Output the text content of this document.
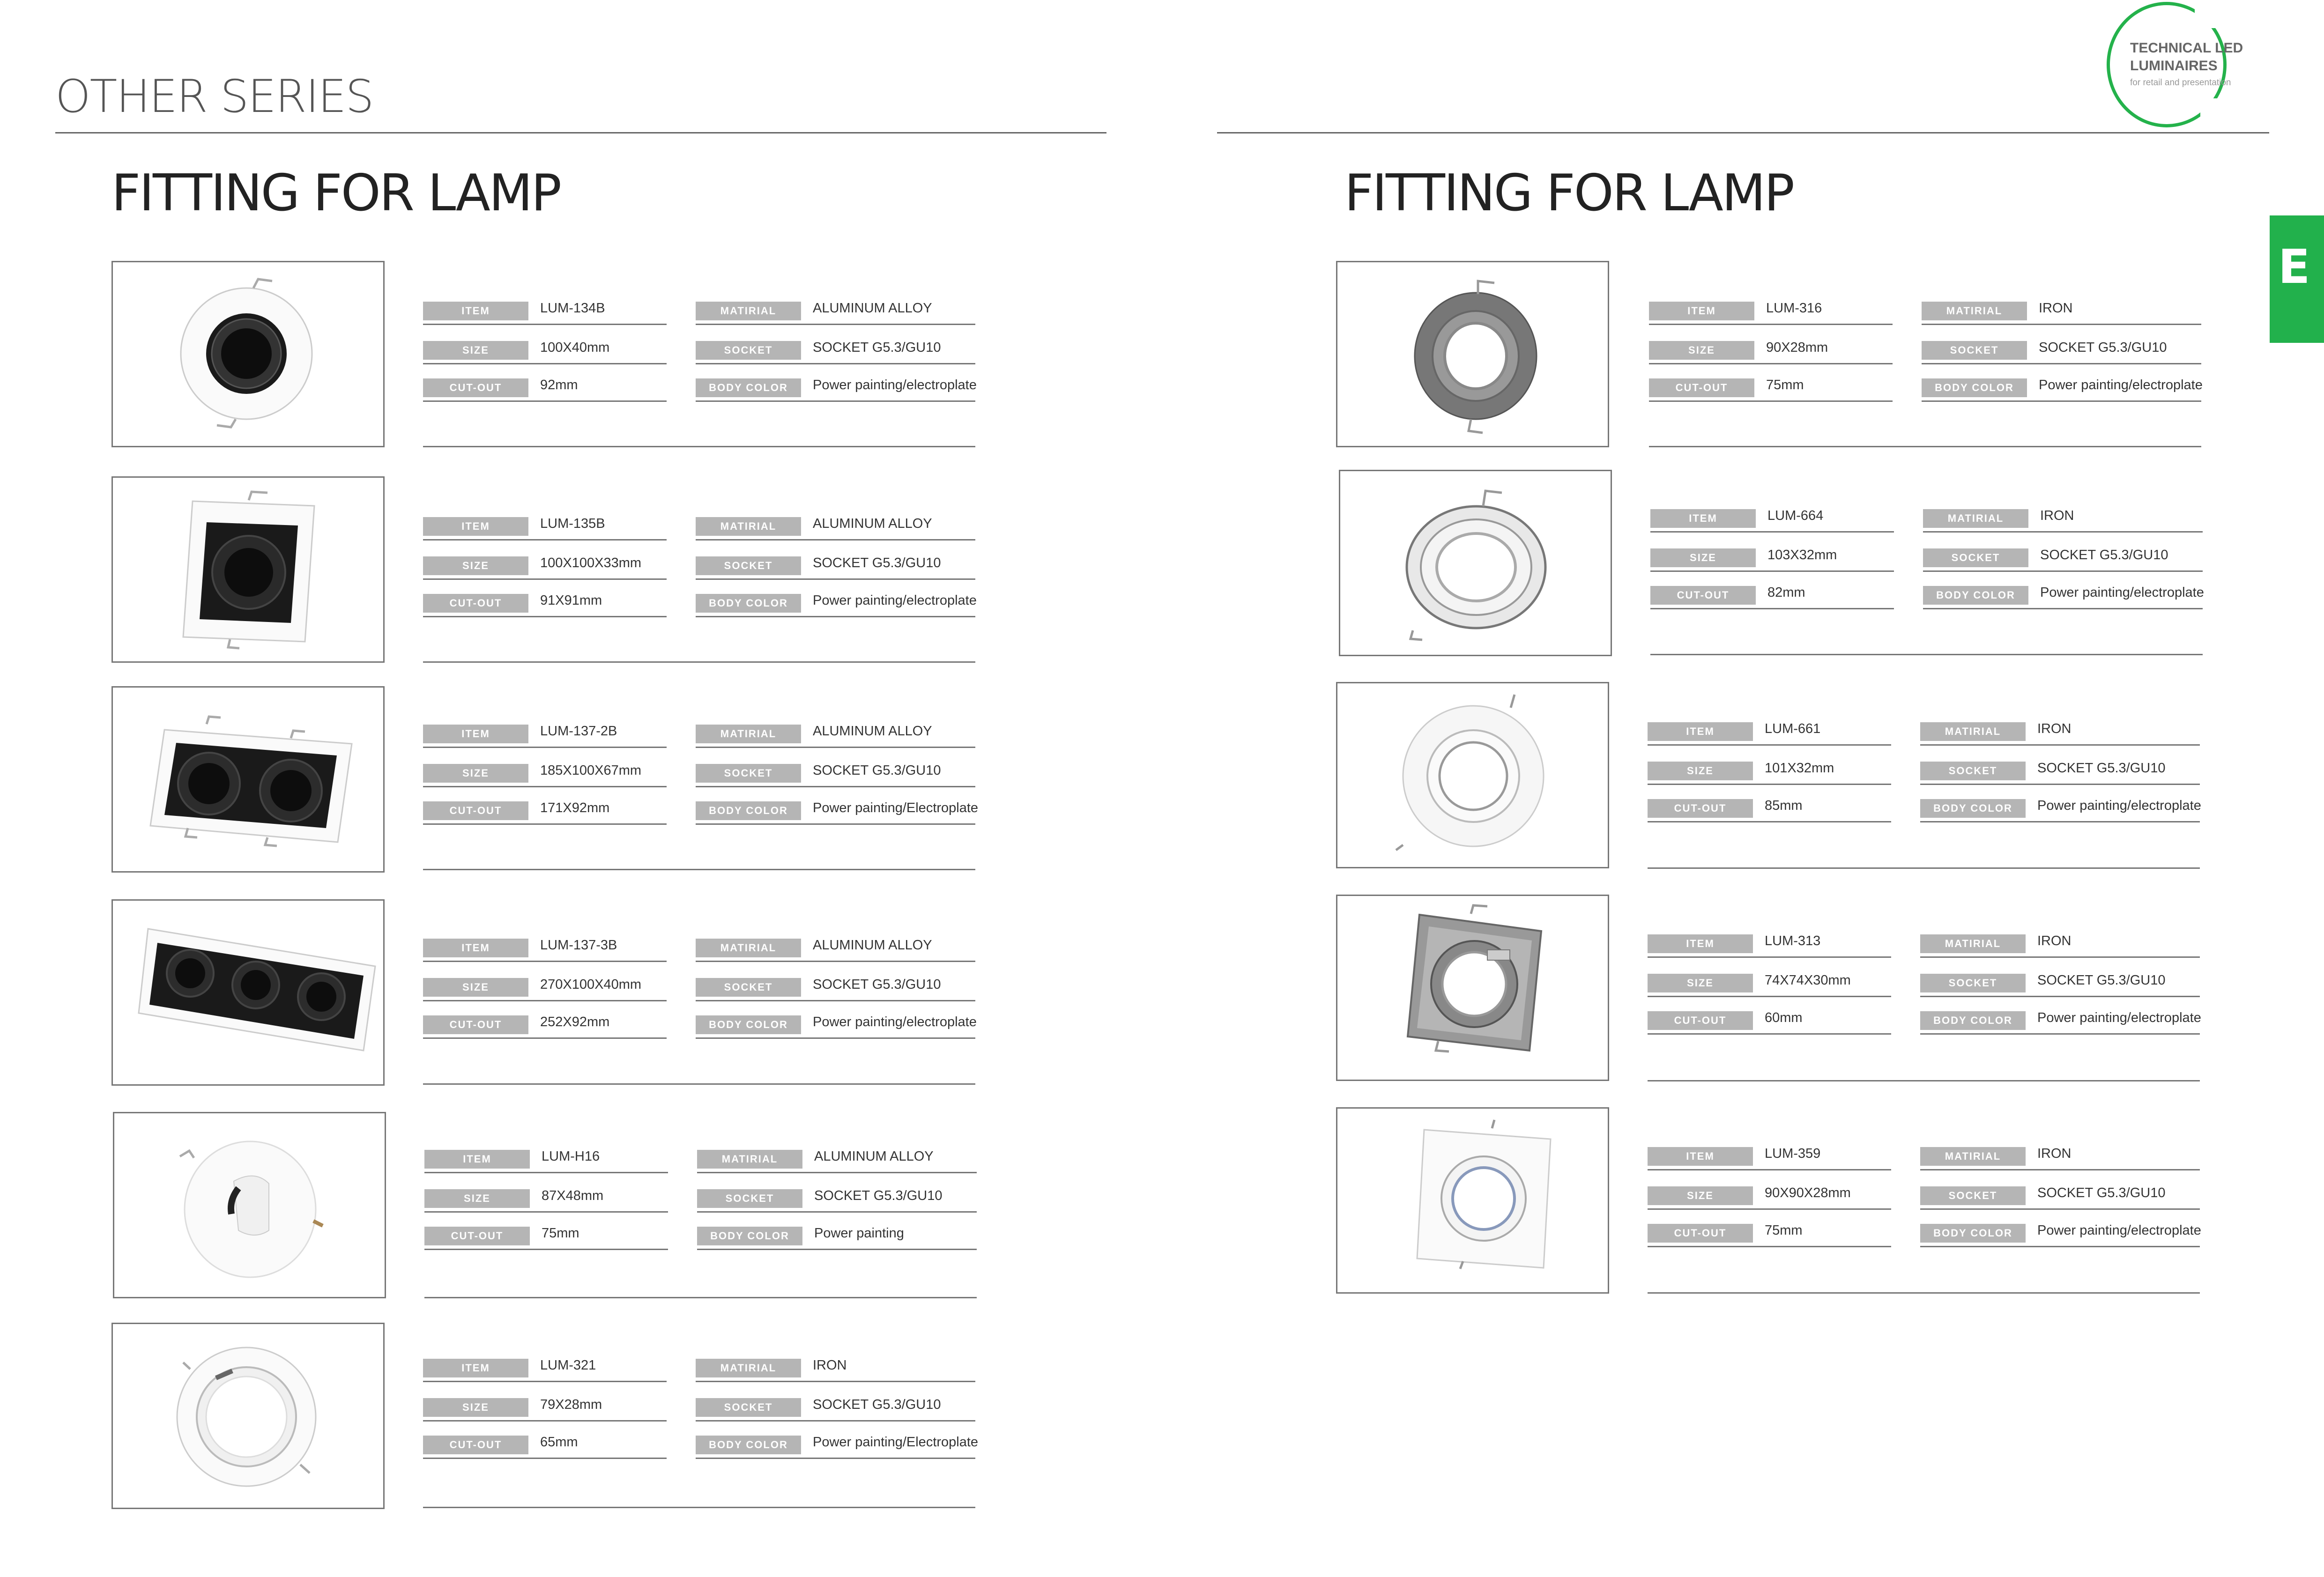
OTHER SERIES
FITTING FOR LAMP	FITTING FOR LAMP
TECHNICAL LED
LUMINAIRES
for retail and presentation
E
ITEM	LUM-134B
SIZE	100X40mm
CUT-OUT	92mm
MATIRIAL	ALUMINUM ALLOY
SOCKET	SOCKET G5.3/GU10
BODY COLOR	Power painting/electroplate
ITEM	LUM-135B
SIZE	100X100X33mm
CUT-OUT	91X91mm
MATIRIAL	ALUMINUM ALLOY
SOCKET	SOCKET G5.3/GU10
BODY COLOR	Power painting/electroplate
ITEM	LUM-137-2B
SIZE	185X100X67mm
CUT-OUT	171X92mm
MATIRIAL	ALUMINUM ALLOY
SOCKET	SOCKET G5.3/GU10
BODY COLOR	Power painting/Electroplate
ITEM	LUM-137-3B
SIZE	270X100X40mm
CUT-OUT	252X92mm
MATIRIAL	ALUMINUM ALLOY
SOCKET	SOCKET G5.3/GU10
BODY COLOR	Power painting/electroplate
ITEM	LUM-H16
SIZE	87X48mm
CUT-OUT	75mm
MATIRIAL	ALUMINUM ALLOY
SOCKET	SOCKET G5.3/GU10
BODY COLOR	Power painting
ITEM	LUM-321
SIZE	79X28mm
CUT-OUT	65mm
MATIRIAL	IRON
SOCKET	SOCKET G5.3/GU10
BODY COLOR	Power painting/Electroplate
ITEM	LUM-316
SIZE	90X28mm
CUT-OUT	75mm
MATIRIAL	IRON
SOCKET	SOCKET G5.3/GU10
BODY COLOR	Power painting/electroplate
ITEM	LUM-664
SIZE	103X32mm
CUT-OUT	82mm
MATIRIAL	IRON
SOCKET	SOCKET G5.3/GU10
BODY COLOR	Power painting/electroplate
ITEM	LUM-661
SIZE	101X32mm
CUT-OUT	85mm
MATIRIAL	IRON
SOCKET	SOCKET G5.3/GU10
BODY COLOR	Power painting/electroplate
ITEM	LUM-313
SIZE	74X74X30mm
CUT-OUT	60mm
MATIRIAL	IRON
SOCKET	SOCKET G5.3/GU10
BODY COLOR	Power painting/electroplate
ITEM	LUM-359
SIZE	90X90X28mm
CUT-OUT	75mm
MATIRIAL	IRON
SOCKET	SOCKET G5.3/GU10
BODY COLOR	Power painting/electroplate
